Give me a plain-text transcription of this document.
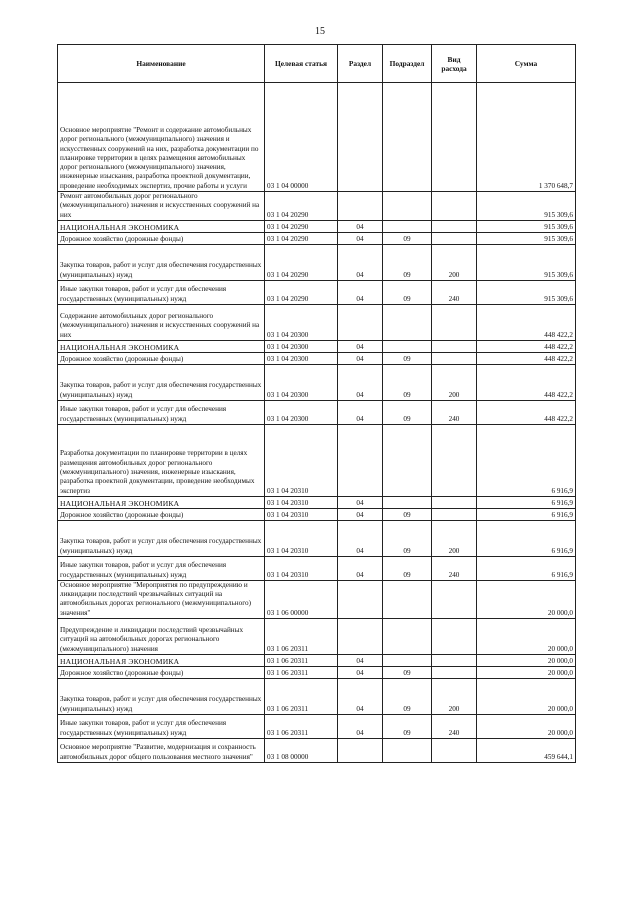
15
Наименование	Целевая статья	Раздел	Подраздел	Вид расхода	Сумма
Основное мероприятие "Ремонт и содержание автомобильных дорог регионального (межмуниципального) значения и искусственных сооружений на них, разработка документации по планировке территории в целях размещения автомобильных дорог регионального (межмуниципального) значения, инженерные изыскания, разработка проектной документации, проведение необходимых экспертиз, прочие работы и услуги	03 1 04 00000				1 370 648,7
Ремонт автомобильных дорог регионального (межмуниципального) значения и искусственных сооружений на них	03 1 04 20290				915 309,6
НАЦИОНАЛЬНАЯ ЭКОНОМИКА	03 1 04 20290	04			915 309,6
Дорожное хозяйство (дорожные фонды)	03 1 04 20290	04	09		915 309,6
Закупка товаров, работ и услуг для обеспечения государственных (муниципальных) нужд	03 1 04 20290	04	09	200	915 309,6
Иные закупки товаров, работ и услуг для обеспечения государственных (муниципальных) нужд	03 1 04 20290	04	09	240	915 309,6
Содержание автомобильных дорог регионального (межмуниципального) значения и искусственных сооружений на них	03 1 04 20300				448 422,2
НАЦИОНАЛЬНАЯ ЭКОНОМИКА	03 1 04 20300	04			448 422,2
Дорожное хозяйство (дорожные фонды)	03 1 04 20300	04	09		448 422,2
Закупка товаров, работ и услуг для обеспечения государственных (муниципальных) нужд	03 1 04 20300	04	09	200	448 422,2
Иные закупки товаров, работ и услуг для обеспечения государственных (муниципальных) нужд	03 1 04 20300	04	09	240	448 422,2
Разработка документации по планировке территории в целях размещения автомобильных дорог регионального (межмуниципального) значения, инженерные изыскания, разработка проектной документации, проведение необходимых экспертиз	03 1 04 20310				6 916,9
НАЦИОНАЛЬНАЯ ЭКОНОМИКА	03 1 04 20310	04			6 916,9
Дорожное хозяйство (дорожные фонды)	03 1 04 20310	04	09		6 916,9
Закупка товаров, работ и услуг для обеспечения государственных (муниципальных) нужд	03 1 04 20310	04	09	200	6 916,9
Иные закупки товаров, работ и услуг для обеспечения государственных (муниципальных) нужд	03 1 04 20310	04	09	240	6 916,9
Основное мероприятие "Мероприятия по предупреждению и ликвидации последствий чрезвычайных ситуаций на автомобильных дорогах регионального (межмуниципального) значения"	03 1 06 00000				20 000,0
Предупреждение и ликвидации последствий чрезвычайных ситуаций на автомобильных дорогах регионального (межмуниципального) значения	03 1 06 20311				20 000,0
НАЦИОНАЛЬНАЯ ЭКОНОМИКА	03 1 06 20311	04			20 000,0
Дорожное хозяйство (дорожные фонды)	03 1 06 20311	04	09		20 000,0
Закупка товаров, работ и услуг для обеспечения государственных (муниципальных) нужд	03 1 06 20311	04	09	200	20 000,0
Иные закупки товаров, работ и услуг для обеспечения государственных (муниципальных) нужд	03 1 06 20311	04	09	240	20 000,0
Основное мероприятие "Развитие, модернизация и сохранность автомобильных дорог общего пользования местного значения"	03 1 08 00000				459 644,1
